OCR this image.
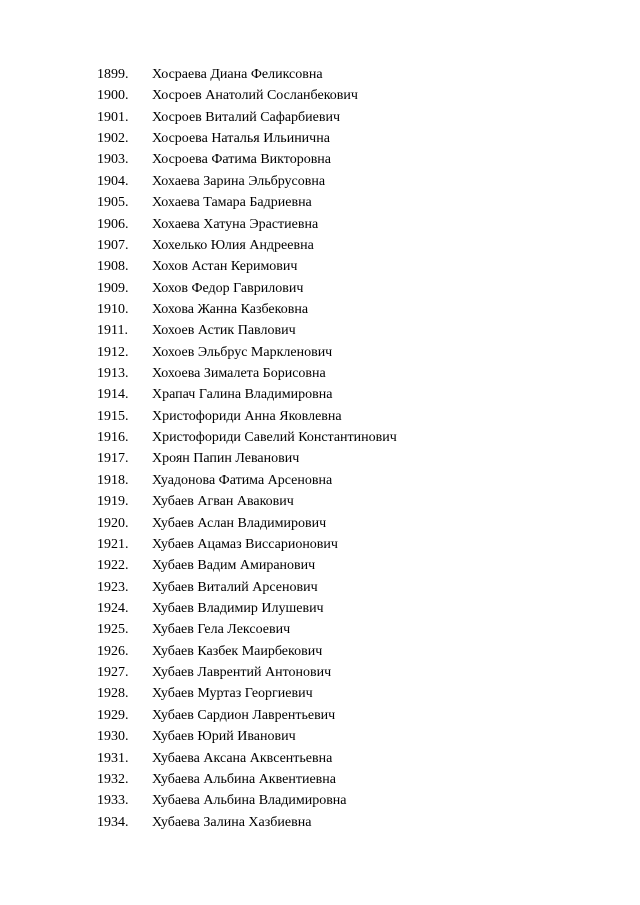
1899.	Хосраева Диана Феликсовна
1900.	Хосроев Анатолий Сосланбекович
1901.	Хосроев Виталий Сафарбиевич
1902.	Хосроева Наталья Ильинична
1903.	Хосроева Фатима Викторовна
1904.	Хохаева Зарина Эльбрусовна
1905.	Хохаева Тамара Бадриевна
1906.	Хохаева Хатуна Эрастиевна
1907.	Хохелько Юлия Андреевна
1908.	Хохов Астан Керимович
1909.	Хохов Федор Гаврилович
1910.	Хохова Жанна Казбековна
1911.	Хохоев Астик Павлович
1912.	Хохоев Эльбрус Маркленович
1913.	Хохоева Зималета Борисовна
1914.	Храпач Галина Владимировна
1915.	Христофориди Анна Яковлевна
1916.	Христофориди Савелий Константинович
1917.	Хроян Папин Леванович
1918.	Хуадонова Фатима Арсеновна
1919.	Хубаев Агван Авакович
1920.	Хубаев Аслан Владимирович
1921.	Хубаев Ацамаз Виссарионович
1922.	Хубаев Вадим Амиранович
1923.	Хубаев Виталий Арсенович
1924.	Хубаев Владимир Илушевич
1925.	Хубаев Гела Лексоевич
1926.	Хубаев Казбек Маирбекович
1927.	Хубаев Лаврентий Антонович
1928.	Хубаев Муртаз Георгиевич
1929.	Хубаев Сардион Лаврентьевич
1930.	Хубаев Юрий Иванович
1931.	Хубаева Аксана Аквсентьевна
1932.	Хубаева Альбина Аквентиевна
1933.	Хубаева Альбина Владимировна
1934.	Хубаева Залина Хазбиевна
